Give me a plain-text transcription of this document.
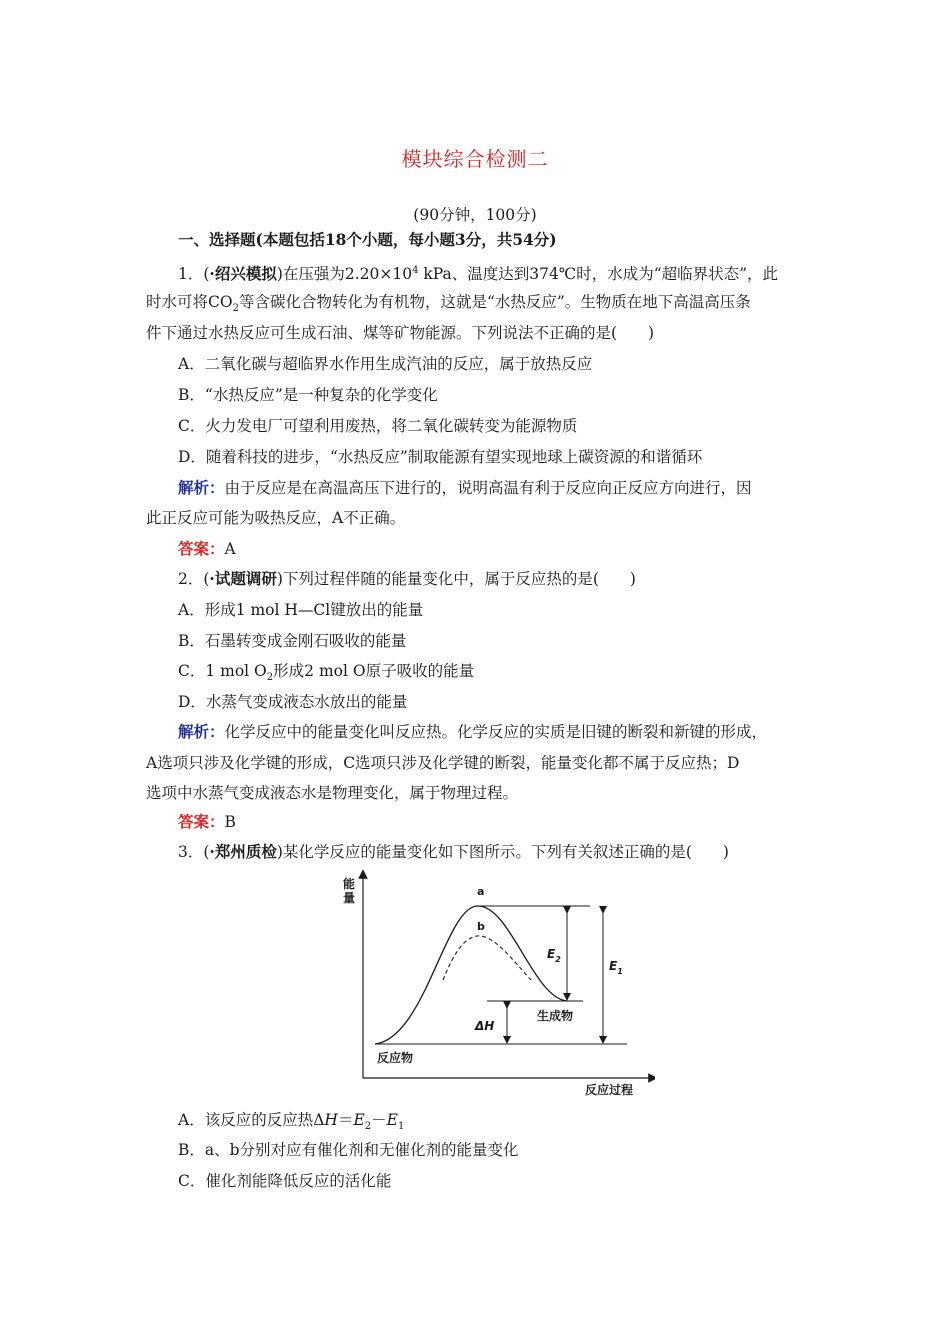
模块综合检测二
(90分钟，100分)
一、选择题(本题包括18个小题，每小题3分，共54分)
1．(·绍兴模拟)在压强为$2.20\times 10^4$ kPa、温度达到374℃时，水成为“超临界状态”，此
时水可将$CO_2$等含碳化合物转化为有机物，这就是“水热反应”。生物质在地下高温高压条
件下通过水热反应可生成石油、煤等矿物能源。下列说法不正确的是(　　)
A．二氧化碳与超临界水作用生成汽油的反应，属于放热反应
B．“水热反应”是一种复杂的化学变化
C．火力发电厂可望利用废热，将二氧化碳转变为能源物质
D．随着科技的进步，“水热反应”制取能源有望实现地球上碳资源的和谐循环
解析：由于反应是在高温高压下进行的，说明高温有利于反应向正反应方向进行，因
此正反应可能为吸热反应，A不正确。
答案：A
2．(·试题调研)下列过程伴随的能量变化中，属于反应热的是(　　)
A．形成1 mol H—Cl键放出的能量
B．石墨转变成金刚石吸收的能量
C．1 mol $O_2$形成2 mol O原子吸收的能量
D．水蒸气变成液态水放出的能量
解析：化学反应中的能量变化叫反应热。化学反应的实质是旧键的断裂和新键的形成，
A选项只涉及化学键的形成，C选项只涉及化学键的断裂，能量变化都不属于反应热；D
选项中水蒸气变成液态水是物理变化，属于物理过程。
答案：B
3．(·郑州质检)某化学反应的能量变化如下图所示。下列有关叙述正确的是(　　)
能
量
反应过程
a
b
$E_2$	$E_1$
ΔH
生成物
反应物
A．该反应的反应热$\Delta H=E_2-E_1$
B．a、b分别对应有催化剂和无催化剂的能量变化
C．催化剂能降低反应的活化能
